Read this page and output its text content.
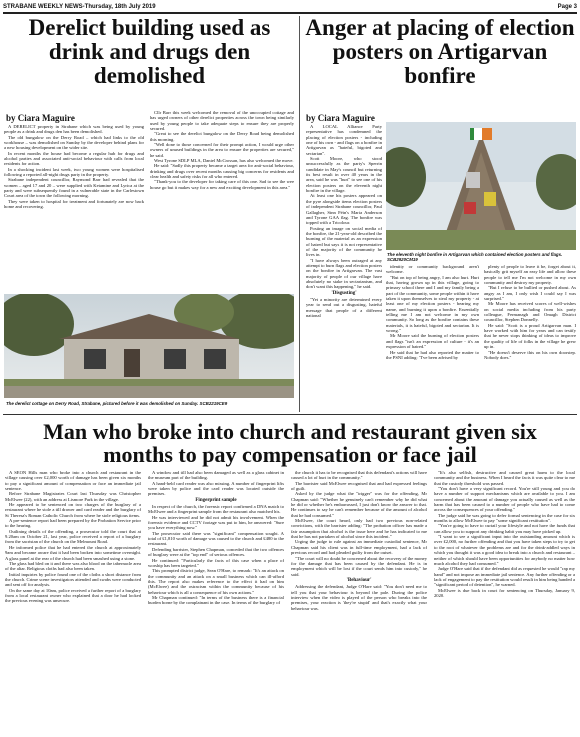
STRABANE WEEKLY NEWS-Thursday, 18th July 2019	Page 3
Derelict building used as drink and drugs den demolished
by Ciara Maguire

A DERELICT property in Strabane which was being used by young people as a drink and drugs den has been demolished.

The old bungalow on the Derry Road – which had links to the old workhouse – was demolished on Sunday by the developer behind plans for a new housing development on the wider site.

In recent months the house had become a regular hub for drugs and alcohol parties and associated anti-social behaviour with calls from local residents for action.

In a shocking incident last week, two young women were hospitalised following a reported all-night drugs party in the property.

Strabane independent councillor, Raymond Barr had revealed that the women – aged 17 and 20 – were supplied with Ketamine and Lyrica at the party and were subsequently found in a vulnerable state in the Carlestown Court area of the town the following morning.

They were taken to hospital for treatment and fortunately are now back home and recovering.

Cllr Barr this week welcomed the removal of the unoccupied cottage and has urged owners of other derelict properties across the town being similarly used by young people to take adequate steps to ensure they are properly secured.

"Great to see the derelict bungalow on the Derry Road being demolished this morning.

"Well done to those concerned for their prompt action, I would urge other owners of unused buildings in the area to ensure the properties are secured," he said.

West Tyrone SDLP MLA, Daniel McCrossan, has also welcomed the move.

He said: "Sadly this property became a target area for anti-social behaviour, drinking and drugs over recent months causing big concerns for residents and clear health and safety risks for all who entered.

"Thank-you to the developer for taking care of this one. Sad to see the wee house go but it makes way for a new and exciting development in this area."

The derelict cottage on Derry Road, Strabane, pictured before it was demolished on Sunday. SCB2219CE9
Anger at placing of election posters on Artigarvan bonfire
by Ciara Maguire

A LOCAL Alliance Party representative has condemned the placing of election posters - including one of his own - and flags on a bonfire in Artigarvan as "hateful, bigoted and sectarian".

Scott Moore, who stood unsuccessfully as the party's Sperrin candidate in May's council but returning its best result in over 40 years in the area, said he was "hurt" to see one of his election posters on the eleventh night bonfire in the village.

At least one his posters appeared on the pyre alongside items election posters of independent Strabane councillor, Paul Gallagher, Sinn Féin's Maria Anderson and Tyrone GAA flag. The bonfire was topped with a Tricolour.

Posting an image on social media of the bonfire, the 21-year-old described the burning of the material as an expression of hatred but says it is not representative of the majority of the community he lives in.

"I have always been outraged at any attempt to burn flags and election posters on the bonfire in Artigarvan. The vast majority of people of our village have absolutely no stake in sectarianism, and don't want this happening," he said.

'Disgusting'

"Yet a minority are determined every year to send out a disgusting, hateful message that people of a different national

The eleventh night bonfire in Artigarvan which contained election posters and flags. SCB2920CM19

identity or community background aren't welcome.

"But on top of being angry, I am also hurt. Hurt that, having grown up in this village, going to primary school there and I and my family being a part of the community, some people within it have taken it upon themselves to steal my property - at least one of my election posters - bearing my name, and burning it upon a bonfire. Essentially telling me I am not welcome in my own community. So long as the bonfire contains these materials, it is hateful, bigoted and sectarian. It is wrong."

Mr Moore said the burning of election posters and flags "isn't an expression of culture - it's an expression of hatred."

He said that he had also reported the matter to the PSNI adding: "I've been advised by

plenty of people to leave it be, forget about it, basically grit myself an easy life and allow these people to tell me I'm not welcome in my own community and destroy my property.

"But I refuse to be bullied or pushed about. As angry as I am, I only wish I could say I was surprised."

Mr Moore has received scores of well-wishes on social media including from his party colleague, Fermanagh and Omagh District councillor, Stephen Donnelly.

He said: "Scott is a proud Artigarvan man. I have worked with him for years and can testify that he never stops thinking of ideas to improve the quality of life of folks in the village he grew up in.

"He doesn't deserve this on his own doorstep. Nobody does."

Man who broke into church and restaurant given six months to pay compensation or face jail

A SEON Hills man who broke into a church and restaurant in the village causing over £2,000 worth of damage has been given six months to pay a significant amount of compensation or face an immediate jail sentence.

Before Strabane Magistrates Court last Thursday was Christopher McElwee (22), with an address at Lismore Park in the village.

He appeared to be sentenced on two charges of the burglary of a restaurant where he stole a till drawer and card reader and the burglary of St Theresa's Roman Catholic Church from where he stole religious items.

A pre-sentence report had been prepared by the Probation Service prior to the hearing.

Outlining details of the offending, a prosecutor told the court that at 9.20am on October 21, last year, police received a report of a burglary from the sacristan of the church on the Melmount Road.

He informed police that he had entered the church at approximately 9am and became aware that it had been broken into sometime overnight. A glass panel at the rear of the church had been smashed using a stone.

The glass had bled on it and there was also blood on the tabernacle area of the altar. Religious cloths had also been taken.

Initial inquiries by police found one of the cloths a short distance from the church. Crime scene investigators attended and swabs were conducted and sent off for analysis.

On the same day at 10am, police received a further report of a burglary from a local restaurant owner who explained that a door he had locked the previous evening was unsecure.

A window and till had also been damaged as well as a glass cabinet in the museum part of the building.

A hand-held card reader was also missing. A number of fingerprint lifts were taken by police and the card reader was located outside the premises.

Fingerprint sample

In respect of the church, the forensic report confirmed a DNA match to McElwee and a fingerprint sample from the restaurant also matched his.

He was interviewed and he did not admit his involvement. When the forensic evidence and CCTV footage was put to him, he answered: "Sure you have everything now."

The prosecutor said there was "significant" compensation sought. A total of £1,810 worth of damage was caused to the church and £480 to the restaurant.

Defending barrister, Stephen Chapman, conceded that the two offences of burglary were at the "top end" of serious offences.

He continued: "Particularly the facts of this case when a place of worship has been targeted."

This prompted district judge, Sean O'Hare, to remark: "It's an attack on the community and an attack on a small business which can ill-afford this. The report also makes reference to the effect it had on him (McElwee) and the ostracism within the community because of his behaviour which is all a consequence of his own actions."

Mr Chapman continued: "In terms of the business there is a financial burden borne by the complainant in the case. In terms of the burglary of

the church it has to be recognised that this defendant's actions will have caused a lot of hurt in the community."

The barrister said McElwee recognised that and had expressed feelings of guilt.

Asked by the judge what the "trigger" was for the offending, Mr Chapman said: "Whether he genuinely can't remember why he did what he did or whether he's embarrassed, I just don't know the answer to that. He continues to say he can't remember because of the amount of alcohol that he had consumed."

McElwee, the court heard, only had two previous non-related convictions, with the barrister adding: "The probation officer has made a fair assumption that alcohol is the issue here and he has indicated to me that he has not partaken of alcohol since this incident."

Urging the judge to rule against an immediate custodial sentence, Mr Chapman said his client was in full-time employment, had a lack of previous record and had pleaded guilty from the outset.

"The court will no doubt be concerned about the recovery of the money for the damage that has been caused by the defendant. He is in employment which will be lost if the court sends him into custody," he said.

'Behaviour'

Addressing the defendant, Judge O'Hare said: "You don't need me to tell you that your behaviour is beyond the pale. During the police interview when the video is played of the person who breaks into the premises, your reaction is 'they're stupid' and that's exactly what your behaviour was.

"It's also selfish, destructive and caused great harm to the local community and the business. When I heard the facts it was quite clear to me that the custody threshold was passed.

"You don't have a very significant record. You're still young and you do have a number of support mechanisms which are available to you. I am concerned about the amount of damage you actually caused as well as the harm that has been caused to a number of people who have had to come across the consequences of your offending."

The judge said he was going to defer formal sentencing in the case for six months to allow McElwee to pay "some significant restitution".

"You're going to have to curtail your lifestyle and not have the funds that can allow you to support any drinking habit you may have picked up.

"I want to see a significant input into the outstanding amount which is over £2,000, no further offending and that you have taken steps to try to get to the root of whatever the problems are and for the drink-addled ways in which you thought it was a good idea to break into a church and restaurant – neither of which should have been opportunities for anybody no matter how much alcohol they had consumed."

Judge O'Hare said that if the defendant did as requested he would "rap my hand" and not impose an immediate jail sentence. Any further offending or a lack of engagement to pay the restitution would result in him being handed a "significant period of detention", he warned.

McElwee is due back in court for sentencing on Thursday, January 9, 2020.
